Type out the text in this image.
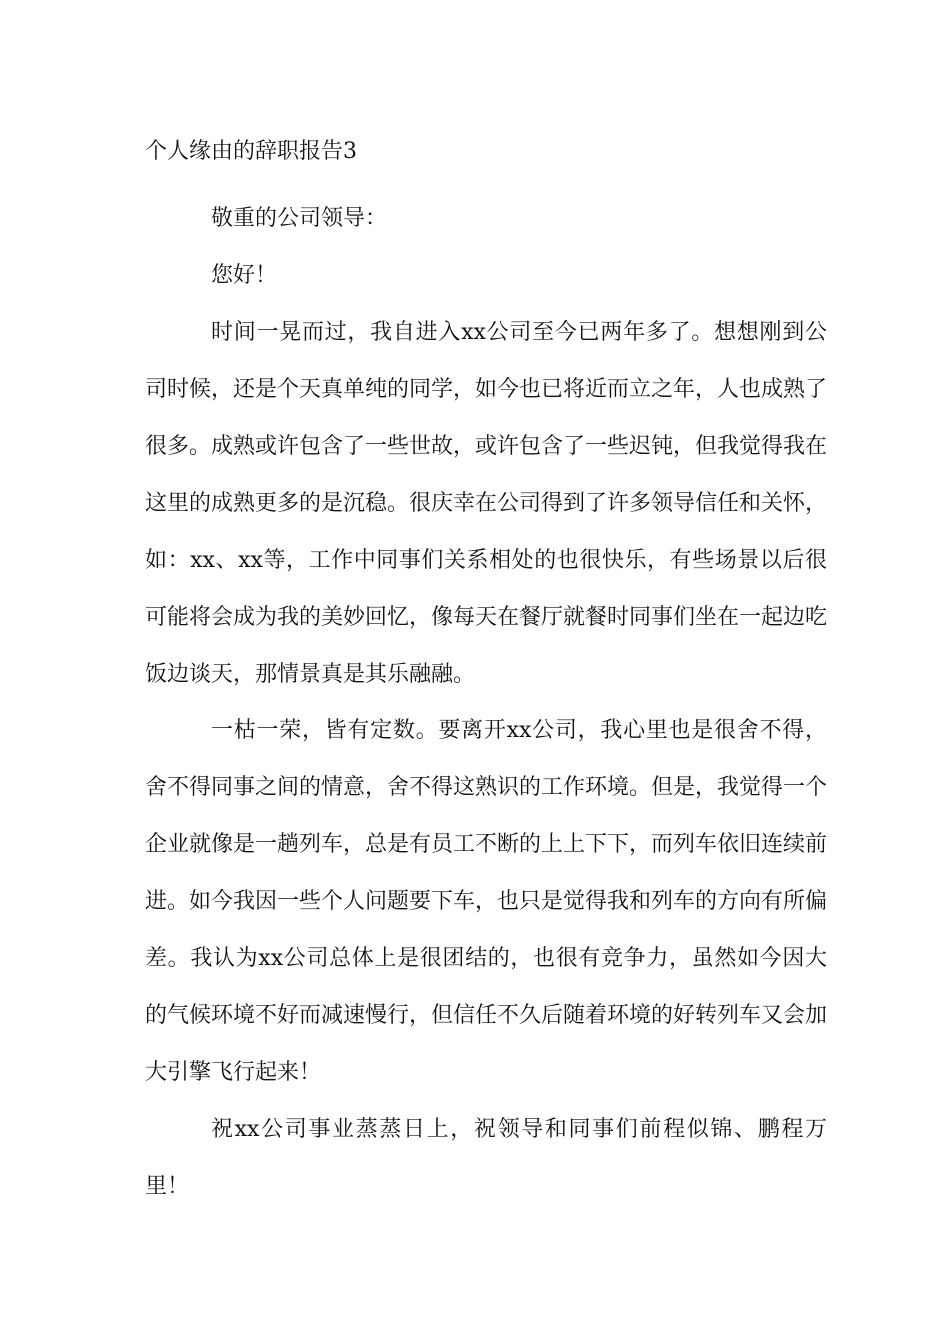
个人缘由的辞职报告3

敬重的公司领导：

您好！

时间一晃而过，我自进入xx公司至今已两年多了。想想刚到公司时候，还是个天真单纯的同学，如今也已将近而立之年，人也成熟了很多。成熟或许包含了一些世故，或许包含了一些迟钝，但我觉得我在这里的成熟更多的是沉稳。很庆幸在公司得到了许多领导信任和关怀，如：xx、xx等，工作中同事们关系相处的也很快乐，有些场景以后很可能将会成为我的美妙回忆，像每天在餐厅就餐时同事们坐在一起边吃饭边谈天，那情景真是其乐融融。

一枯一荣，皆有定数。要离开xx公司，我心里也是很舍不得，舍不得同事之间的情意，舍不得这熟识的工作环境。但是，我觉得一个企业就像是一趟列车，总是有员工不断的上上下下，而列车依旧连续前进。如今我因一些个人问题要下车，也只是觉得我和列车的方向有所偏差。我认为xx公司总体上是很团结的，也很有竞争力，虽然如今因大的气候环境不好而减速慢行，但信任不久后随着环境的好转列车又会加大引擎飞行起来！

祝xx公司事业蒸蒸日上，祝领导和同事们前程似锦、鹏程万里！
